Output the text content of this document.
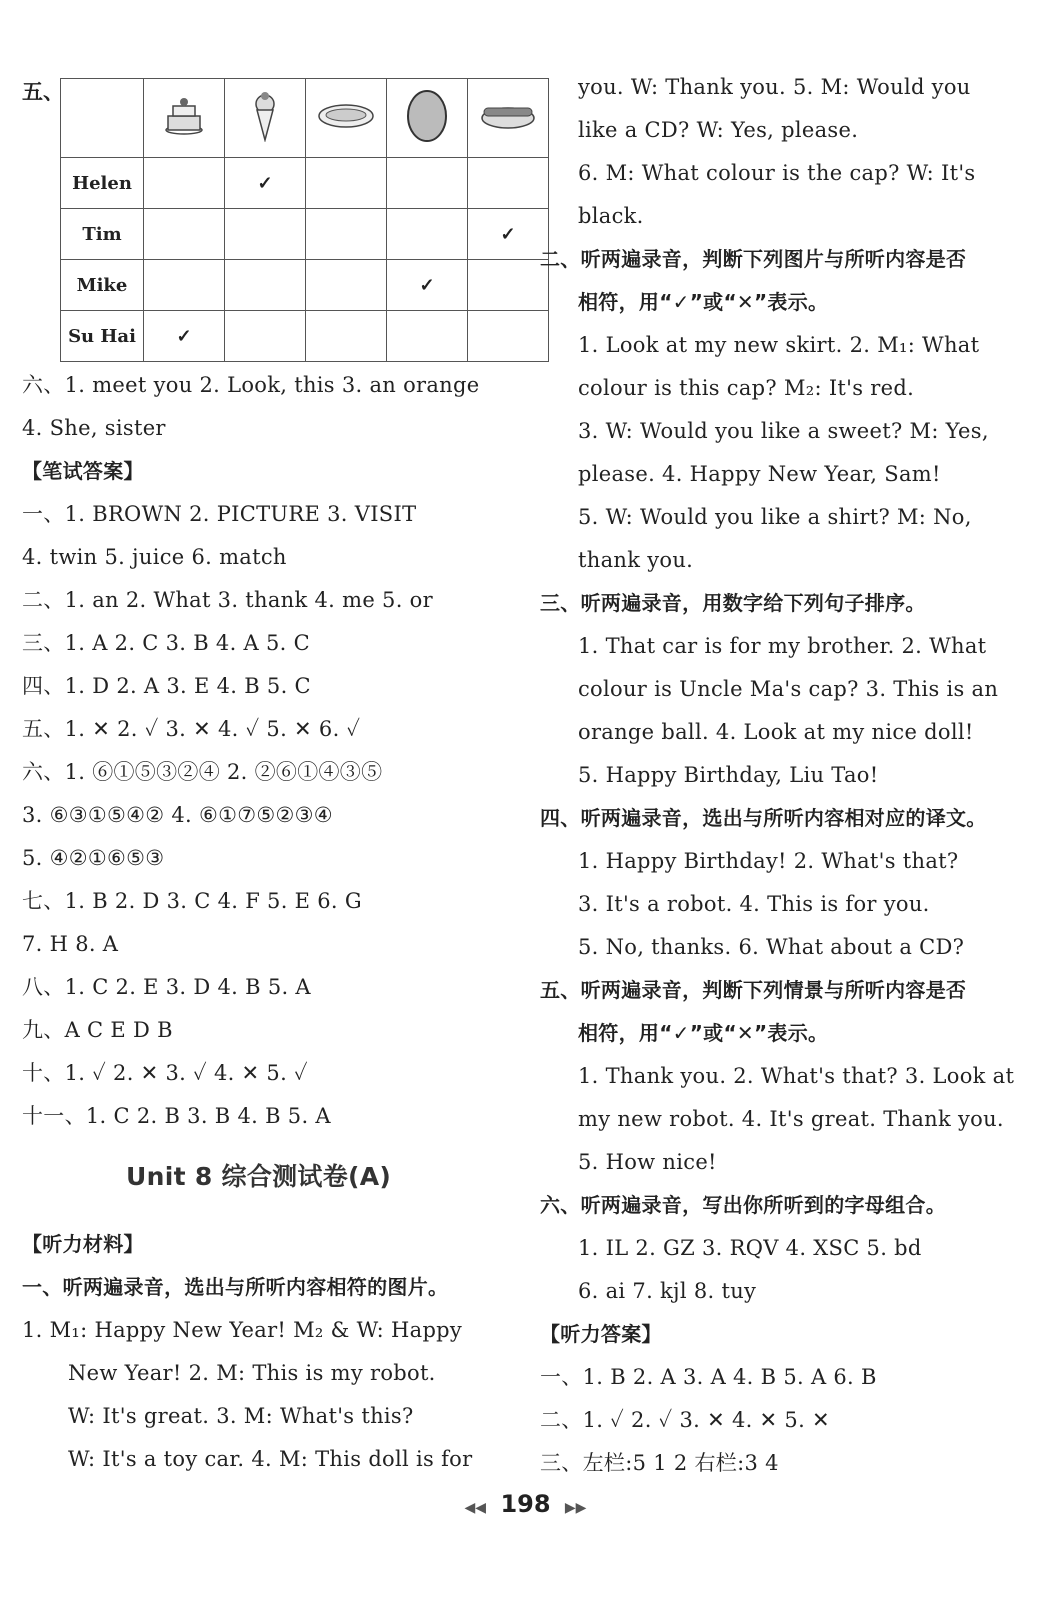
五、

Helen		✓			
Tim					✓
Mike				✓	
Su Hai	✓				
六、1. meet you 2. Look, this 3. an orange
4. She, sister
【笔试答案】
一、1. BROWN 2. PICTURE 3. VISIT
4. twin 5. juice 6. match
二、1. an 2. What 3. thank 4. me 5. or
三、1. A 2. C 3. B 4. A 5. C
四、1. D 2. A 3. E 4. B 5. C
五、1. ✕ 2. ✓ 3. ✕ 4. ✓ 5. ✕ 6. ✓
六、1. ⑥①⑤③②④ 2. ②⑥①④③⑤
3. ⑥③①⑤④② 4. ⑥①⑦⑤②③④
5. ④②①⑥⑤③
七、1. B 2. D 3. C 4. F 5. E 6. G
7. H 8. A
八、1. C 2. E 3. D 4. B 5. A
九、A C E D B
十、1. ✓ 2. ✕ 3. ✓ 4. ✕ 5. ✓
十一、1. C 2. B 3. B 4. B 5. A
Unit 8 综合测试卷(A)
【听力材料】
一、听两遍录音，选出与所听内容相符的图片。
1. M₁: Happy New Year! M₂ & W: Happy
New Year! 2. M: This is my robot.
W: It's great. 3. M: What's this?
W: It's a toy car. 4. M: This doll is for
you. W: Thank you. 5. M: Would you
like a CD? W: Yes, please.
6. M: What colour is the cap? W: It's
black.
二、听两遍录音，判断下列图片与所听内容是否
相符，用“✓”或“✕”表示。
1. Look at my new skirt. 2. M₁: What
colour is this cap? M₂: It's red.
3. W: Would you like a sweet? M: Yes,
please. 4. Happy New Year, Sam!
5. W: Would you like a shirt? M: No,
thank you.
三、听两遍录音，用数字给下列句子排序。
1. That car is for my brother. 2. What
colour is Uncle Ma's cap? 3. This is an
orange ball. 4. Look at my nice doll!
5. Happy Birthday, Liu Tao!
四、听两遍录音，选出与所听内容相对应的译文。
1. Happy Birthday! 2. What's that?
3. It's a robot. 4. This is for you.
5. No, thanks. 6. What about a CD?
五、听两遍录音，判断下列情景与所听内容是否
相符，用“✓”或“✕”表示。
1. Thank you. 2. What's that? 3. Look at
my new robot. 4. It's great. Thank you.
5. How nice!
六、听两遍录音，写出你所听到的字母组合。
1. IL 2. GZ 3. RQV 4. XSC 5. bd
6. ai 7. kjl 8. tuy
【听力答案】
一、1. B 2. A 3. A 4. B 5. A 6. B
二、1. ✓ 2. ✓ 3. ✕ 4. ✕ 5. ✕
三、左栏:5 1 2 右栏:3 4
◀◀ 198 ▶▶
